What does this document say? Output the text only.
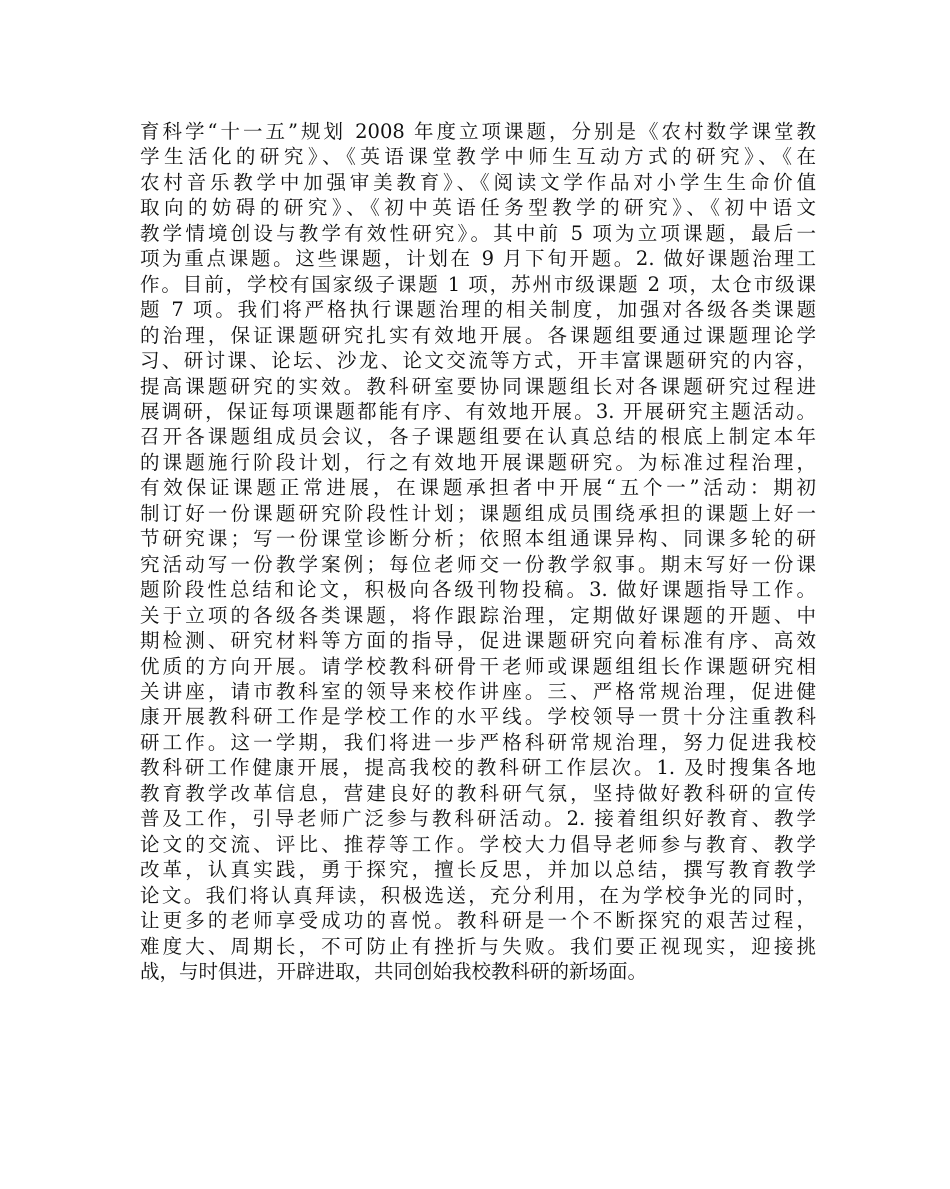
育科学“十一五”规划 2008 年度立项课题，分别是《农村数学课堂教
学生活化的研究》、《英语课堂教学中师生互动方式的研究》、《在
农村音乐教学中加强审美教育》、《阅读文学作品对小学生生命价值
取向的妨碍的研究》、《初中英语任务型教学的研究》、《初中语文
教学情境创设与教学有效性研究》。其中前 5 项为立项课题，最后一
项为重点课题。这些课题，计划在 9 月下旬开题。2. 做好课题治理工
作。目前，学校有国家级子课题 1 项，苏州市级课题 2 项，太仓市级课
题 7 项。我们将严格执行课题治理的相关制度，加强对各级各类课题
的治理，保证课题研究扎实有效地开展。各课题组要通过课题理论学
习、研讨课、论坛、沙龙、论文交流等方式，开丰富课题研究的内容，
提高课题研究的实效。教科研室要协同课题组长对各课题研究过程进
展调研，保证每项课题都能有序、有效地开展。3. 开展研究主题活动。
召开各课题组成员会议，各子课题组要在认真总结的根底上制定本年
的课题施行阶段计划，行之有效地开展课题研究。为标准过程治理，
有效保证课题正常进展，在课题承担者中开展“五个一”活动：期初
制订好一份课题研究阶段性计划；课题组成员围绕承担的课题上好一
节研究课；写一份课堂诊断分析；依照本组通课异构、同课多轮的研
究活动写一份教学案例；每位老师交一份教学叙事。期末写好一份课
题阶段性总结和论文，积极向各级刊物投稿。3. 做好课题指导工作。
关于立项的各级各类课题，将作跟踪治理，定期做好课题的开题、中
期检测、研究材料等方面的指导，促进课题研究向着标准有序、高效
优质的方向开展。请学校教科研骨干老师或课题组组长作课题研究相
关讲座，请市教科室的领导来校作讲座。三、严格常规治理，促进健
康开展教科研工作是学校工作的水平线。学校领导一贯十分注重教科
研工作。这一学期，我们将进一步严格科研常规治理，努力促进我校
教科研工作健康开展，提高我校的教科研工作层次。1. 及时搜集各地
教育教学改革信息，营建良好的教科研气氛，坚持做好教科研的宣传
普及工作，引导老师广泛参与教科研活动。2. 接着组织好教育、教学
论文的交流、评比、推荐等工作。学校大力倡导老师参与教育、教学
改革，认真实践，勇于探究，擅长反思，并加以总结，撰写教育教学
论文。我们将认真拜读，积极选送，充分利用，在为学校争光的同时，
让更多的老师享受成功的喜悦。教科研是一个不断探究的艰苦过程，
难度大、周期长，不可防止有挫折与失败。我们要正视现实，迎接挑
战，与时俱进，开辟进取，共同创始我校教科研的新场面。
